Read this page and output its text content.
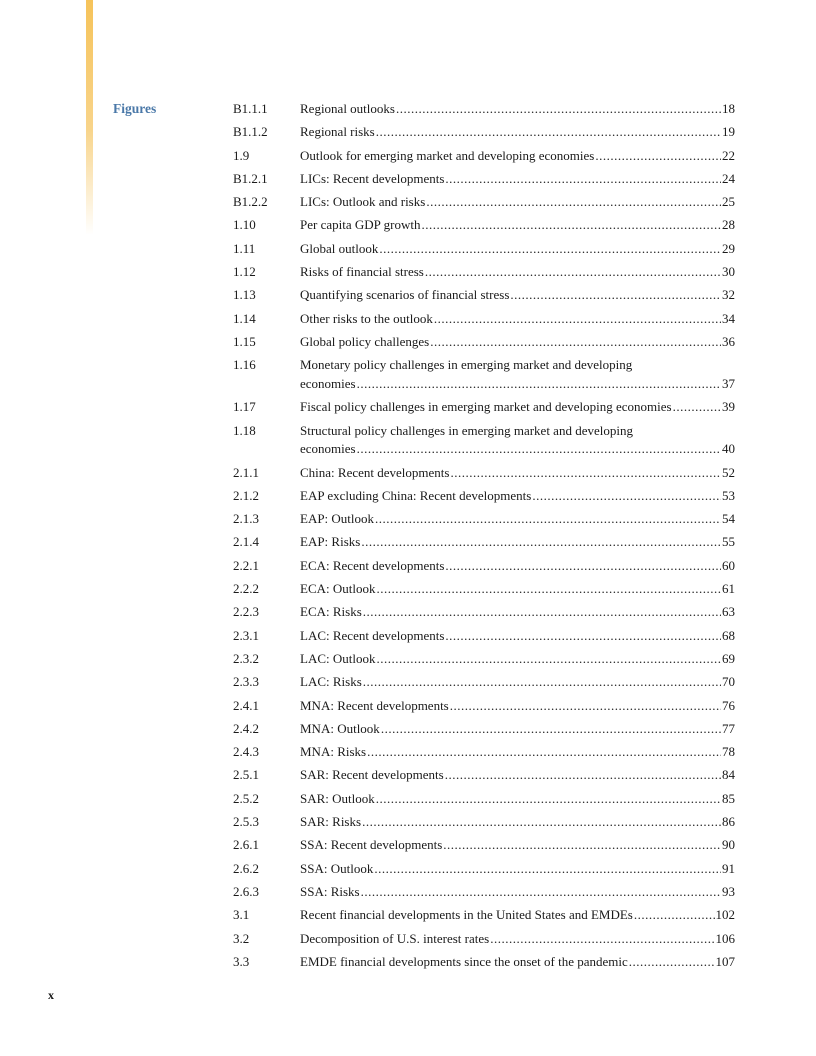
Figures	B1.1.1 Regional outlooks .....	18
B1.1.2 Regional risks .....	19
1.9	Outlook for emerging market and developing economies .....	22
B1.2.1 LICs: Recent developments .....	24
B1.2.2 LICs: Outlook and risks .....	25
1.10	Per capita GDP growth .....	28
1.11	Global outlook .....	29
1.12	Risks of financial stress .....	30
1.13	Quantifying scenarios of financial stress .....	32
1.14	Other risks to the outlook .....	34
1.15	Global policy challenges .....	36
1.16	Monetary policy challenges in emerging market and developing
economies .....	37
1.17	Fiscal policy challenges in emerging market and developing economies .....	39
1.18	Structural policy challenges in emerging market and developing
economies .....	40
2.1.1	China: Recent developments .....	52
2.1.2	EAP excluding China: Recent developments .....	53
2.1.3	EAP: Outlook .....	54
2.1.4	EAP: Risks .....	55
2.2.1	ECA: Recent developments .....	60
2.2.2	ECA: Outlook .....	61
2.2.3	ECA: Risks .....	63
2.3.1	LAC: Recent developments .....	68
2.3.2	LAC: Outlook .....	69
2.3.3	LAC: Risks .....	70
2.4.1	MNA: Recent developments .....	76
2.4.2	MNA: Outlook .....	77
2.4.3	MNA: Risks .....	78
2.5.1	SAR: Recent developments .....	84
2.5.2	SAR: Outlook .....	85
2.5.3	SAR: Risks .....	86
2.6.1	SSA: Recent developments .....	90
2.6.2	SSA: Outlook .....	91
2.6.3	SSA: Risks .....	93
3.1	Recent financial developments in the United States and EMDEs .....	102
3.2	Decomposition of U.S. interest rates .....	106
3.3	EMDE financial developments since the onset of the pandemic .....	107
x
